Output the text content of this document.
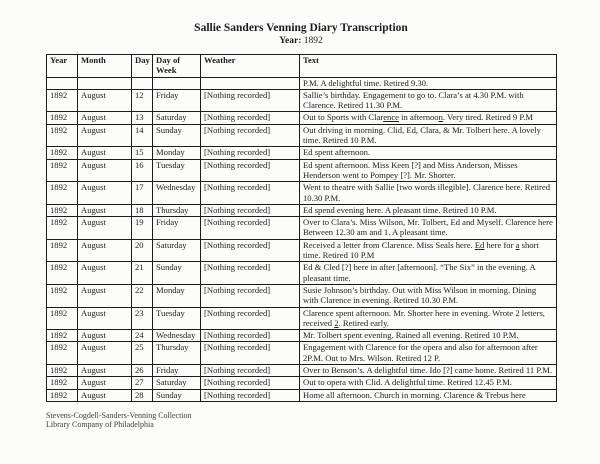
Sallie Sanders Venning Diary Transcription
Year: 1892
Year	Month	Day	Day of Week	Weather	Text
					P.M. A delightful time. Retired 9.30.
1892	August	12	Friday	[Nothing recorded]	Sallie’s birthday. Engagement to go to. Clara’s at 4.30 P.M. with Clarence. Retired 11.30 P.M.
1892	August	13	Saturday	[Nothing recorded]	Out to Sports with Clarence in afternoon. Very tired. Retired 9 P.M
1892	August	14	Sunday	[Nothing recorded]	Out driving in morning. Clid, Ed, Clara, & Mr. Tolbert here. A lovely time. Retired 10 P.M.
1892	August	15	Monday	[Nothing recorded]	Ed spent afternoon.
1892	August	16	Tuesday	[Nothing recorded]	Ed spent afternoon. Miss Keen [?] and Miss Anderson, Misses Henderson went to Pompey [?]. Mr. Shorter.
1892	August	17	Wednesday	[Nothing recorded]	Went to theatre with Sallie [two words illegible]. Clarence here. Retired 10.30 P.M.
1892	August	18	Thursday	[Nothing recorded]	Ed spend evening here. A pleasant time. Retired 10 P.M.
1892	August	19	Friday	[Nothing recorded]	Over to Clara’s. Miss Wilson, Mr. Tolbert, Ed and Myself. Clarence here Between 12.30 am and 1. A pleasant time.
1892	August	20	Saturday	[Nothing recorded]	Received a letter from Clarence. Miss Seals here. Ed here for a short time. Retired 10 P.M
1892	August	21	Sunday	[Nothing recorded]	Ed & Cled [?] here in after [afternoon]. “The Six” in the evening. A pleasant time.
1892	August	22	Monday	[Nothing recorded]	Susie Johnson’s birthday. Out with Miss Wilson in morning. Dining with Clarence in evening. Retired 10.30 P.M.
1892	August	23	Tuesday	[Nothing recorded]	Clarence spent afternoon. Mr. Shorter here in evening. Wrote 2 letters, received 2. Retired early.
1892	August	24	Wednesday	[Nothing recorded]	Mr. Tolbert spent evening. Rained all evening. Retired 10 P.M.
1892	August	25	Thursday	[Nothing recorded]	Engagement with Clarence for the opera and also for afternoon after 2P.M. Out to Mrs. Wilson. Retired 12 P.
1892	August	26	Friday	[Nothing recorded]	Over to Benson’s. A delightful time. Ido [?] came home. Retired 11 P.M.
1892	August	27	Saturday	[Nothing recorded]	Out to opera with Clid. A delightful time. Retired 12.45 P.M.
1892	August	28	Sunday	[Nothing recorded]	Home all afternoon. Church in morning. Clarence & Trebus here
Stevens-Cogdell-Sanders-Venning Collection
Library Company of Philadelphia
